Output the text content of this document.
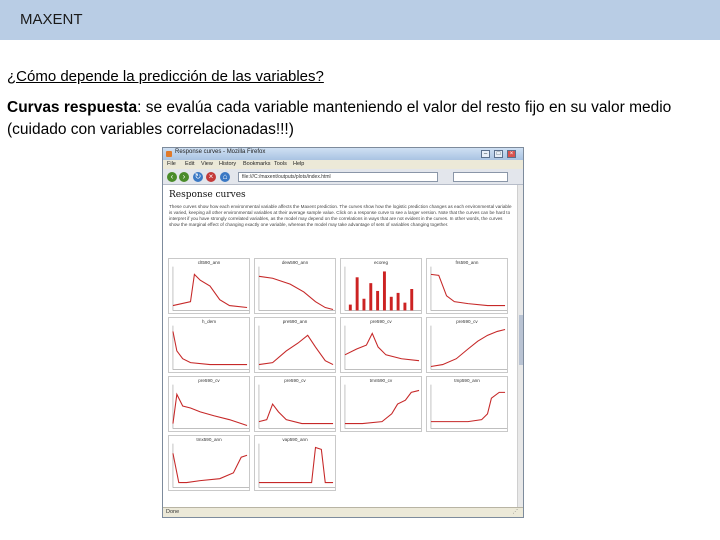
MAXENT
¿Cómo depende la predicción de las variables?
Curvas respuesta: se evalúa cada variable manteniendo el valor del resto fijo en su valor medio (cuidado con variables correlacionadas!!!)
Response curves - Mozilla Firefox	–	□	×
File Edit View History Bookmarks Tools Help
‹	›	↻ ×	⌂	file:///C:/maxent/outputs/plots/index.html
Response curves
These curves show how each environmental variable affects the Maxent prediction. The curves show how the logistic prediction changes as each environmental variable is varied, keeping all other environmental variables at their average sample value. Click on a response curve to see a larger version. Note that the curves can be hard to interpret if you have strongly correlated variables, as the model may depend on the correlations in ways that are not evident in the curves. In other words, the curves show the marginal effect of changing exactly one variable, whereas the model may take advantage of sets of variables changing together.
clt590_ann	dew590_ann	ecoreg	frs590_ann
h_dem	pre590_ann	pre590_cv	pre590_cv
pre590_cv	pre590_cv	tmn590_cv	tmp590_ann
tmx590_ann	vap590_ann
Done	⋰
